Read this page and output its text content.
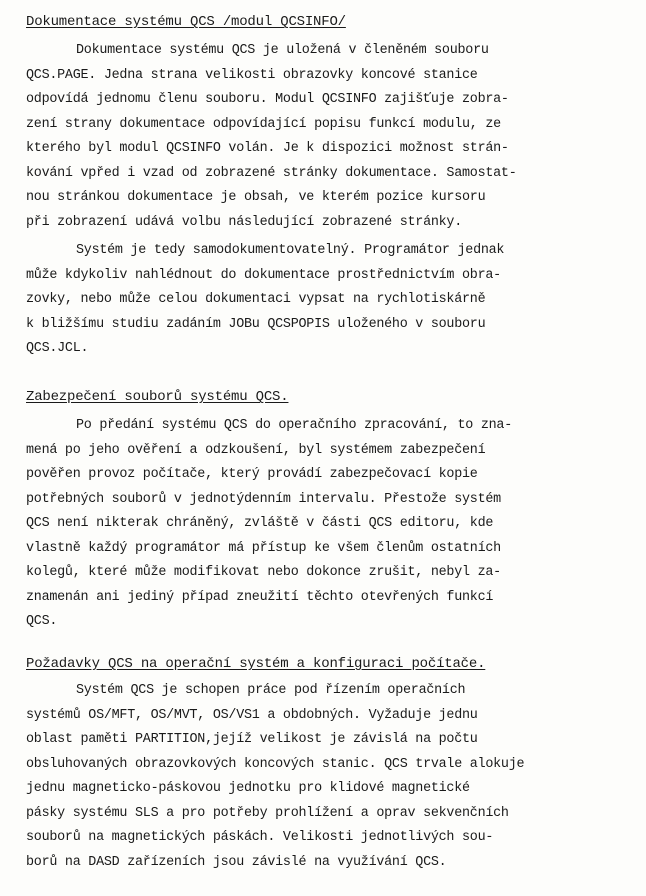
Dokumentace systému QCS /modul QCSINFO/
Dokumentace systému QCS je uložená v členěném souboru
QCS.PAGE. Jedna strana velikosti obrazovky koncové stanice
odpovídá jednomu členu souboru. Modul QCSINFO zajišťuje zobra-
zení strany dokumentace odpovídající popisu funkcí modulu, ze
kterého byl modul QCSINFO volán. Je k dispozici možnost strán-
kování vpřed i vzad od zobrazené stránky dokumentace. Samostat-
nou stránkou dokumentace je obsah, ve kterém pozice kursoru
při zobrazení udává volbu následující zobrazené stránky.
Systém je tedy samodokumentovatelný. Programátor jednak
může kdykoliv nahlédnout do dokumentace prostřednictvím obra-
zovky, nebo může celou dokumentaci vypsat na rychlotiskárně
k bližšímu studiu zadáním JOBu QCSPOPIS uloženého v souboru
QCS.JCL.
Zabezpečení souborů systému QCS.
Po předání systému QCS do operačního zpracování, to zna-
mená po jeho ověření a odzkoušení, byl systémem zabezpečení
pověřen provoz počítače, který provádí zabezpečovací kopie
potřebných souborů v jednotýdenním intervalu. Přestože systém
QCS není nikterak chráněný, zvláště v části QCS editoru, kde
vlastně každý programátor má přístup ke všem členům ostatních
kolegů, které může modifikovat nebo dokonce zrušit, nebyl za-
znamenán ani jediný případ zneužití těchto otevřených funkcí
QCS.
Požadavky QCS na operační systém a konfiguraci počítače.
Systém QCS je schopen práce pod řízením operačních
systémů OS/MFT, OS/MVT, OS/VS1 a obdobných. Vyžaduje jednu
oblast paměti PARTITION,jejíž velikost je závislá na počtu
obsluhovaných obrazovkových koncových stanic. QCS trvale alokuje
jednu magneticko-páskovou jednotku pro klidové magnetické
pásky systému SLS a pro potřeby prohlížení a oprav sekvenčních
souborů na magnetických páskách. Velikosti jednotlivých sou-
borů na DASD zařízeních jsou závislé na využívání QCS.
